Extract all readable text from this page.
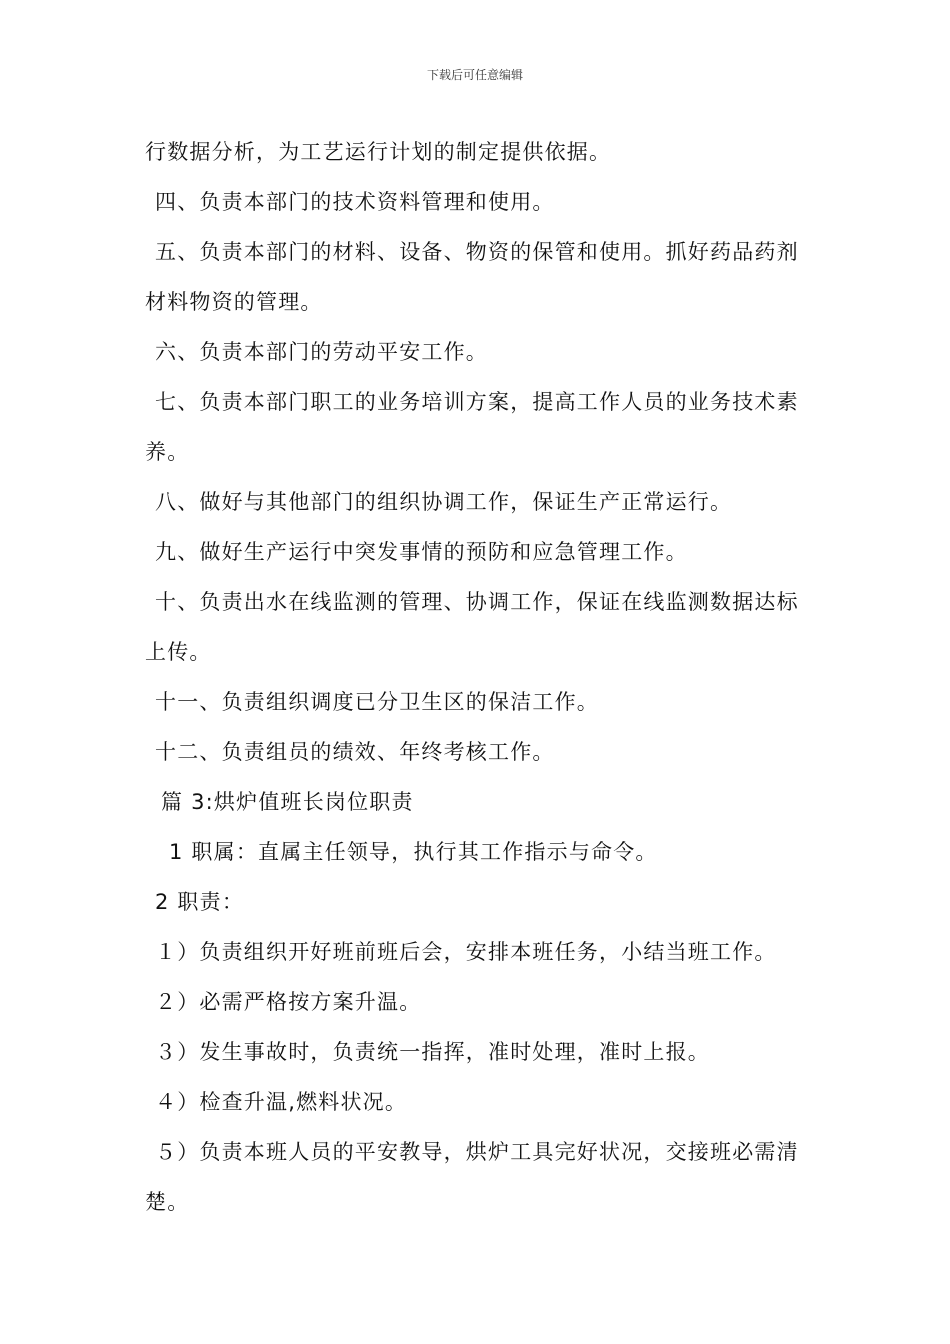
下载后可任意编辑
行数据分析，为工艺运行计划的制定提供依据。
四、负责本部门的技术资料管理和使用。
五、负责本部门的材料、设备、物资的保管和使用。抓好药品药剂
材料物资的管理。
六、负责本部门的劳动平安工作。
七、负责本部门职工的业务培训方案，提高工作人员的业务技术素
养。
八、做好与其他部门的组织协调工作，保证生产正常运行。
九、做好生产运行中突发事情的预防和应急管理工作。
十、负责出水在线监测的管理、协调工作，保证在线监测数据达标
上传。
十一、负责组织调度已分卫生区的保洁工作。
十二、负责组员的绩效、年终考核工作。
篇 3:烘炉值班长岗位职责
1 职属：直属主任领导，执行其工作指示与命令。
2 职责：
１）负责组织开好班前班后会，安排本班任务，小结当班工作。
２）必需严格按方案升温。
３）发生事故时，负责统一指挥，准时处理，准时上报。
４）检查升温,燃料状况。
５）负责本班人员的平安教导，烘炉工具完好状况，交接班必需清
楚。
